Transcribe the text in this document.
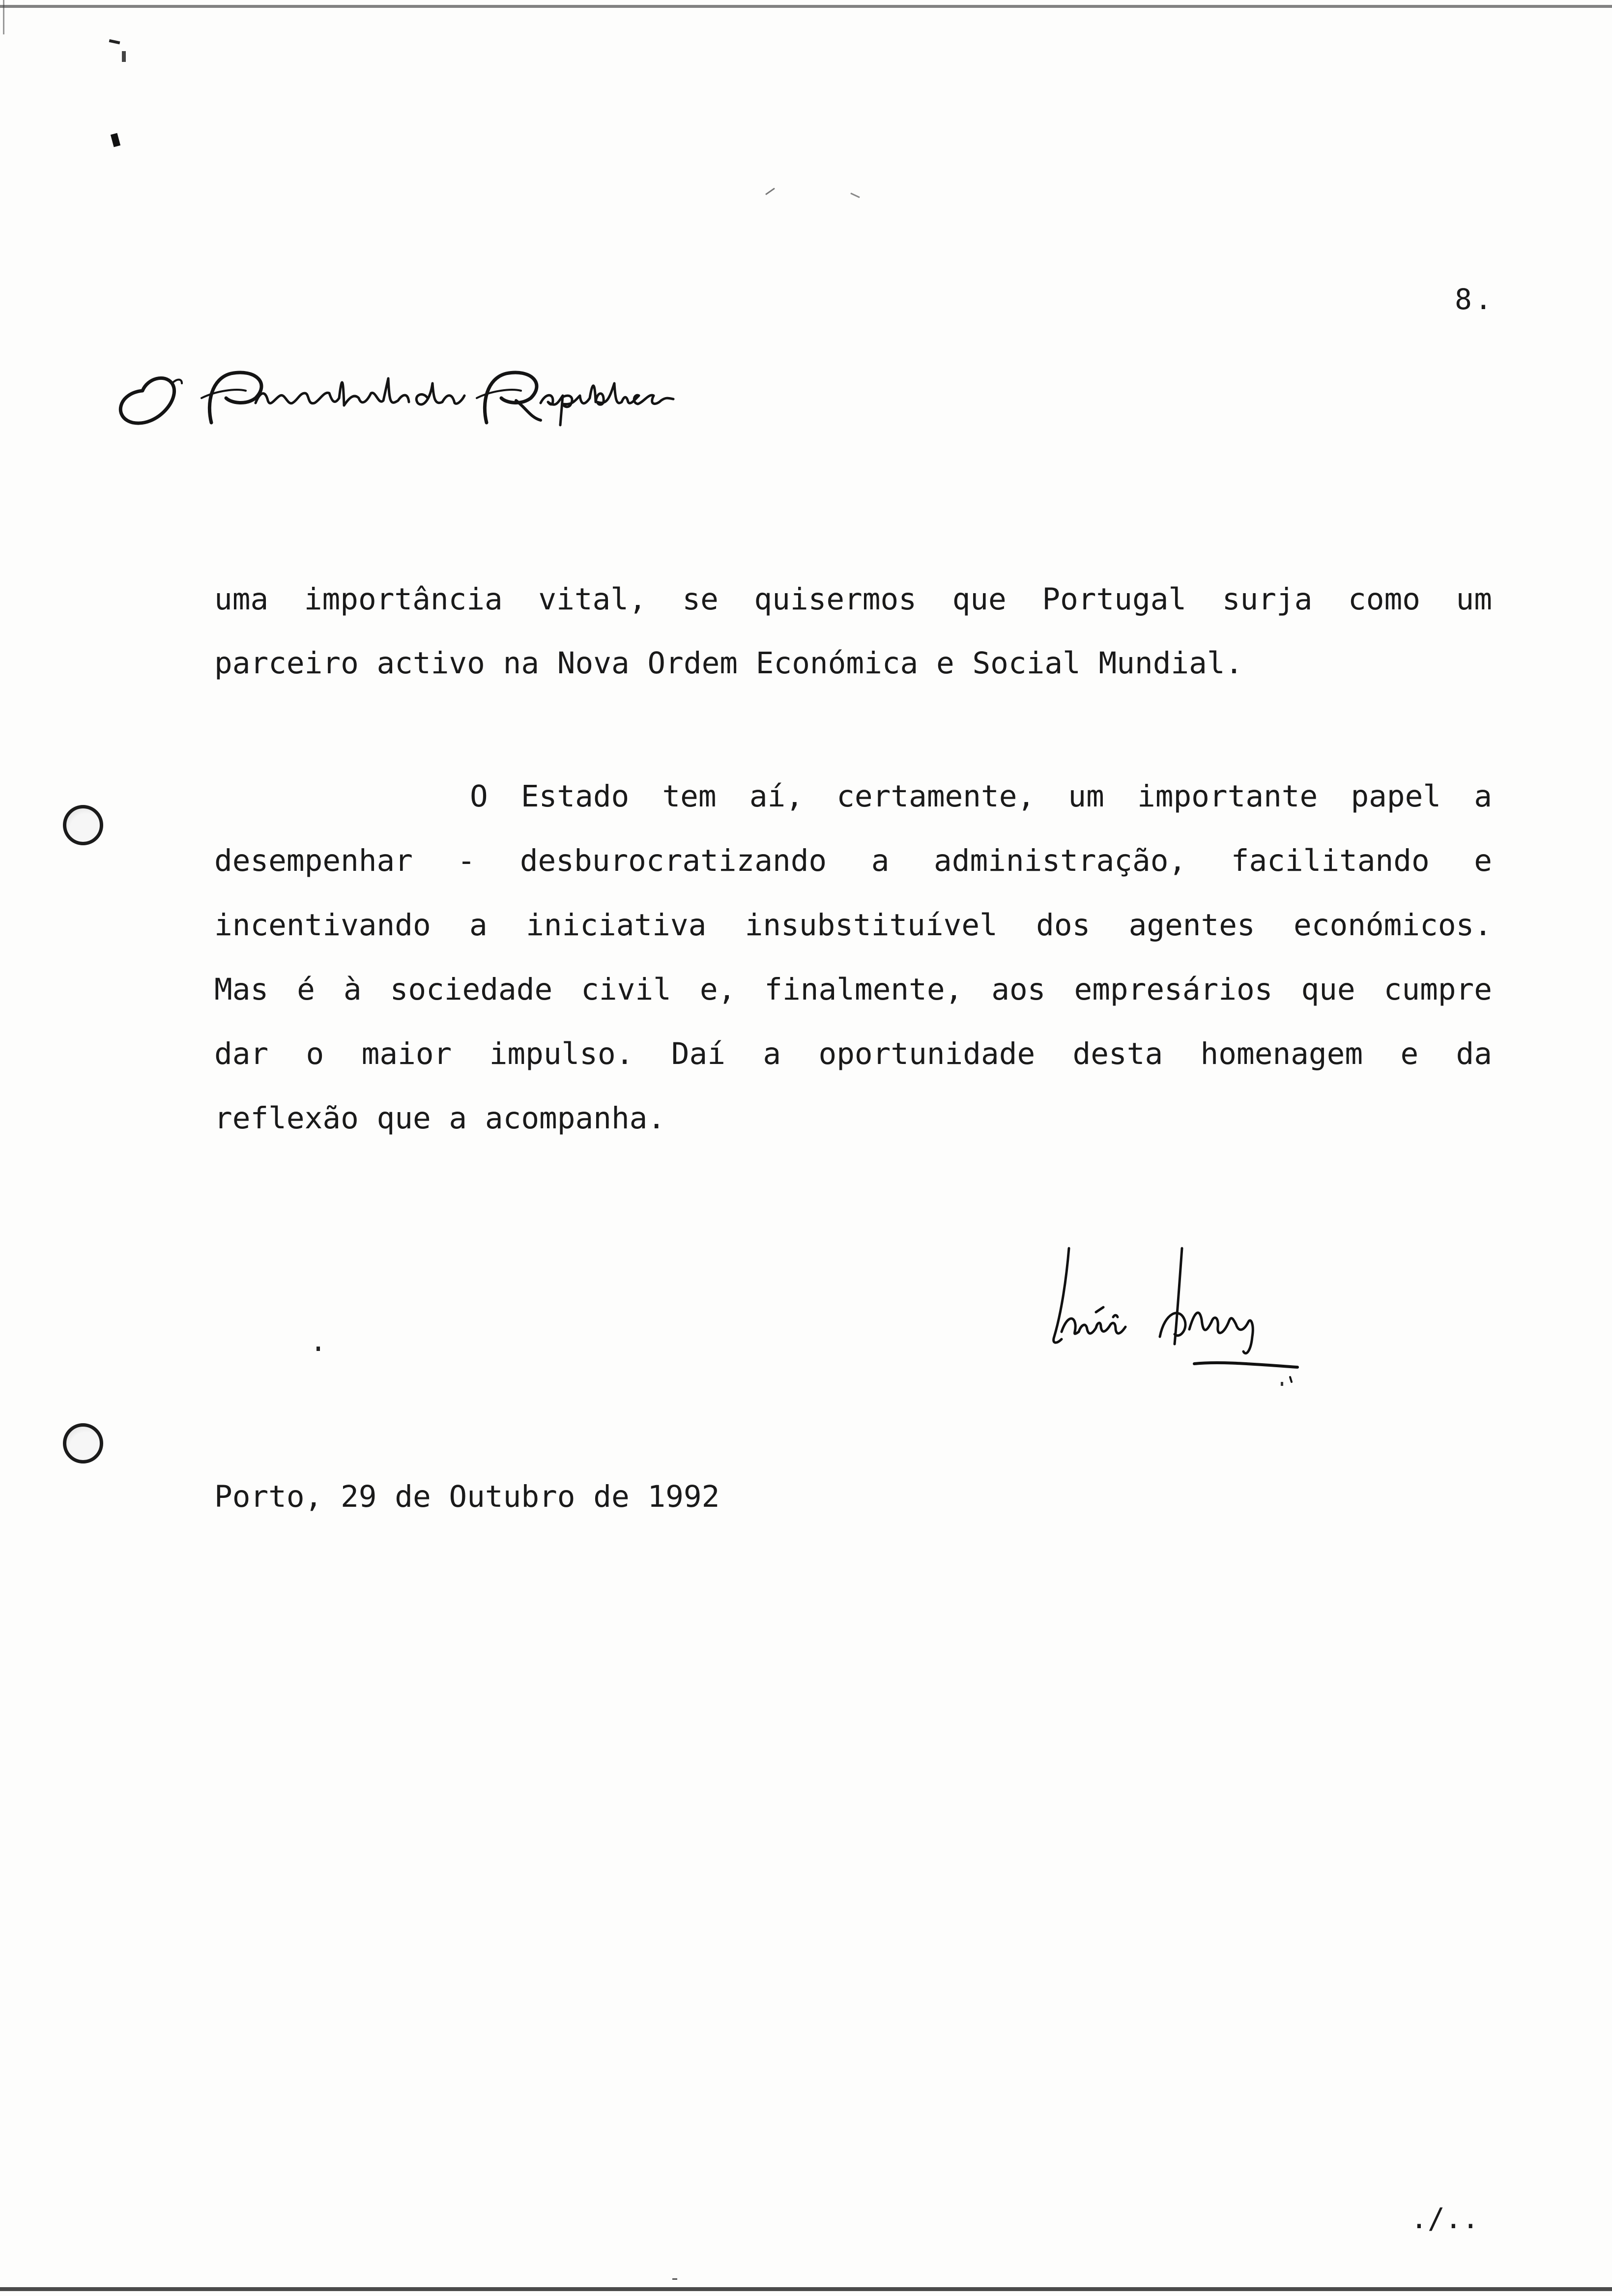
8.

uma importância vital, se quisermos que Portugal surja como um

parceiro activo na Nova Ordem Económica e Social Mundial.

O Estado tem aí, certamente, um importante papel a

desempenhar - desburocratizando a administração, facilitando e

incentivando a iniciativa insubstituível dos agentes económicos.

Mas é à sociedade civil e, finalmente, aos empresários que cumpre

dar o maior impulso. Daí a oportunidade desta homenagem e da

reflexão que a acompanha.

Porto, 29 de Outubro de 1992
./..
